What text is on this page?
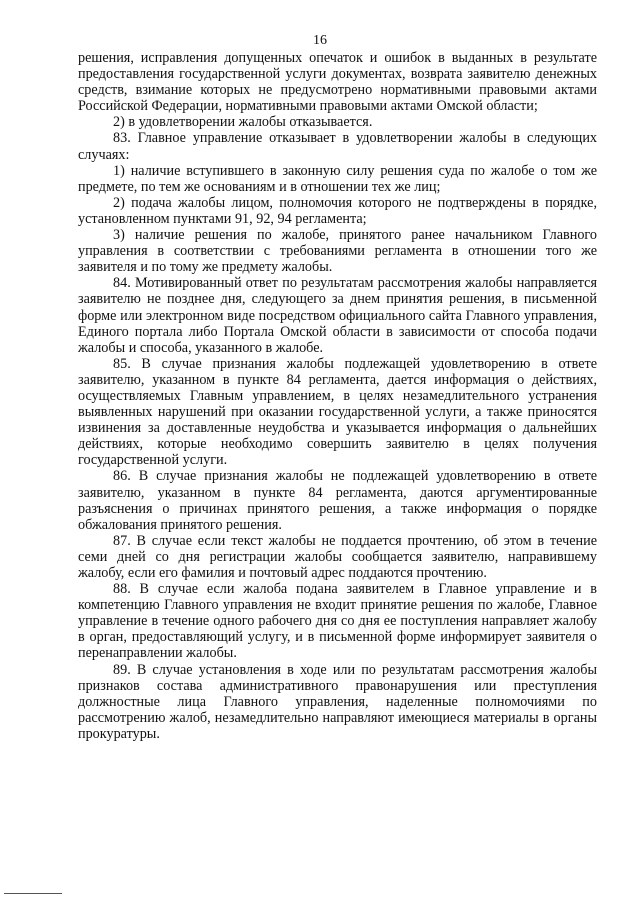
16

решения, исправления допущенных опечаток и ошибок в выданных в результате предоставления государственной услуги документах, возврата заявителю денежных средств, взимание которых не предусмотрено нормативными правовыми актами Российской Федерации, нормативными правовыми актами Омской области;

2) в удовлетворении жалобы отказывается.

83. Главное управление отказывает в удовлетворении жалобы в следующих случаях:

1) наличие вступившего в законную силу решения суда по жалобе о том же предмете, по тем же основаниям и в отношении тех же лиц;

2) подача жалобы лицом, полномочия которого не подтверждены в порядке, установленном пунктами 91, 92, 94 регламента;

3) наличие решения по жалобе, принятого ранее начальником Главного управления в соответствии с требованиями регламента в отношении того же заявителя и по тому же предмету жалобы.

84. Мотивированный ответ по результатам рассмотрения жалобы направляется заявителю не позднее дня, следующего за днем принятия решения, в письменной форме или электронном виде посредством официального сайта Главного управления, Единого портала либо Портала Омской области в зависимости от способа подачи жалобы и способа, указанного в жалобе.

85. В случае признания жалобы подлежащей удовлетворению в ответе заявителю, указанном в пункте 84 регламента, дается информация о действиях, осуществляемых Главным управлением, в целях незамедлительного устранения выявленных нарушений при оказании государственной услуги, а также приносятся извинения за доставленные неудобства и указывается информация о дальнейших действиях, которые необходимо совершить заявителю в целях получения государственной услуги.

86. В случае признания жалобы не подлежащей удовлетворению в ответе заявителю, указанном в пункте 84 регламента, даются аргументированные разъяснения о причинах принятого решения, а также информация о порядке обжалования принятого решения.

87. В случае если текст жалобы не поддается прочтению, об этом в течение семи дней со дня регистрации жалобы сообщается заявителю, направившему жалобу, если его фамилия и почтовый адрес поддаются прочтению.

88. В случае если жалоба подана заявителем в Главное управление и в компетенцию Главного управления не входит принятие решения по жалобе, Главное управление в течение одного рабочего дня со дня ее поступления направляет жалобу в орган, предоставляющий услугу, и в письменной форме информирует заявителя о перенаправлении жалобы.

89. В случае установления в ходе или по результатам рассмотрения жалобы признаков состава административного правонарушения или преступления должностные лица Главного управления, наделенные полномочиями по рассмотрению жалоб, незамедлительно направляют имеющиеся материалы в органы прокуратуры.
